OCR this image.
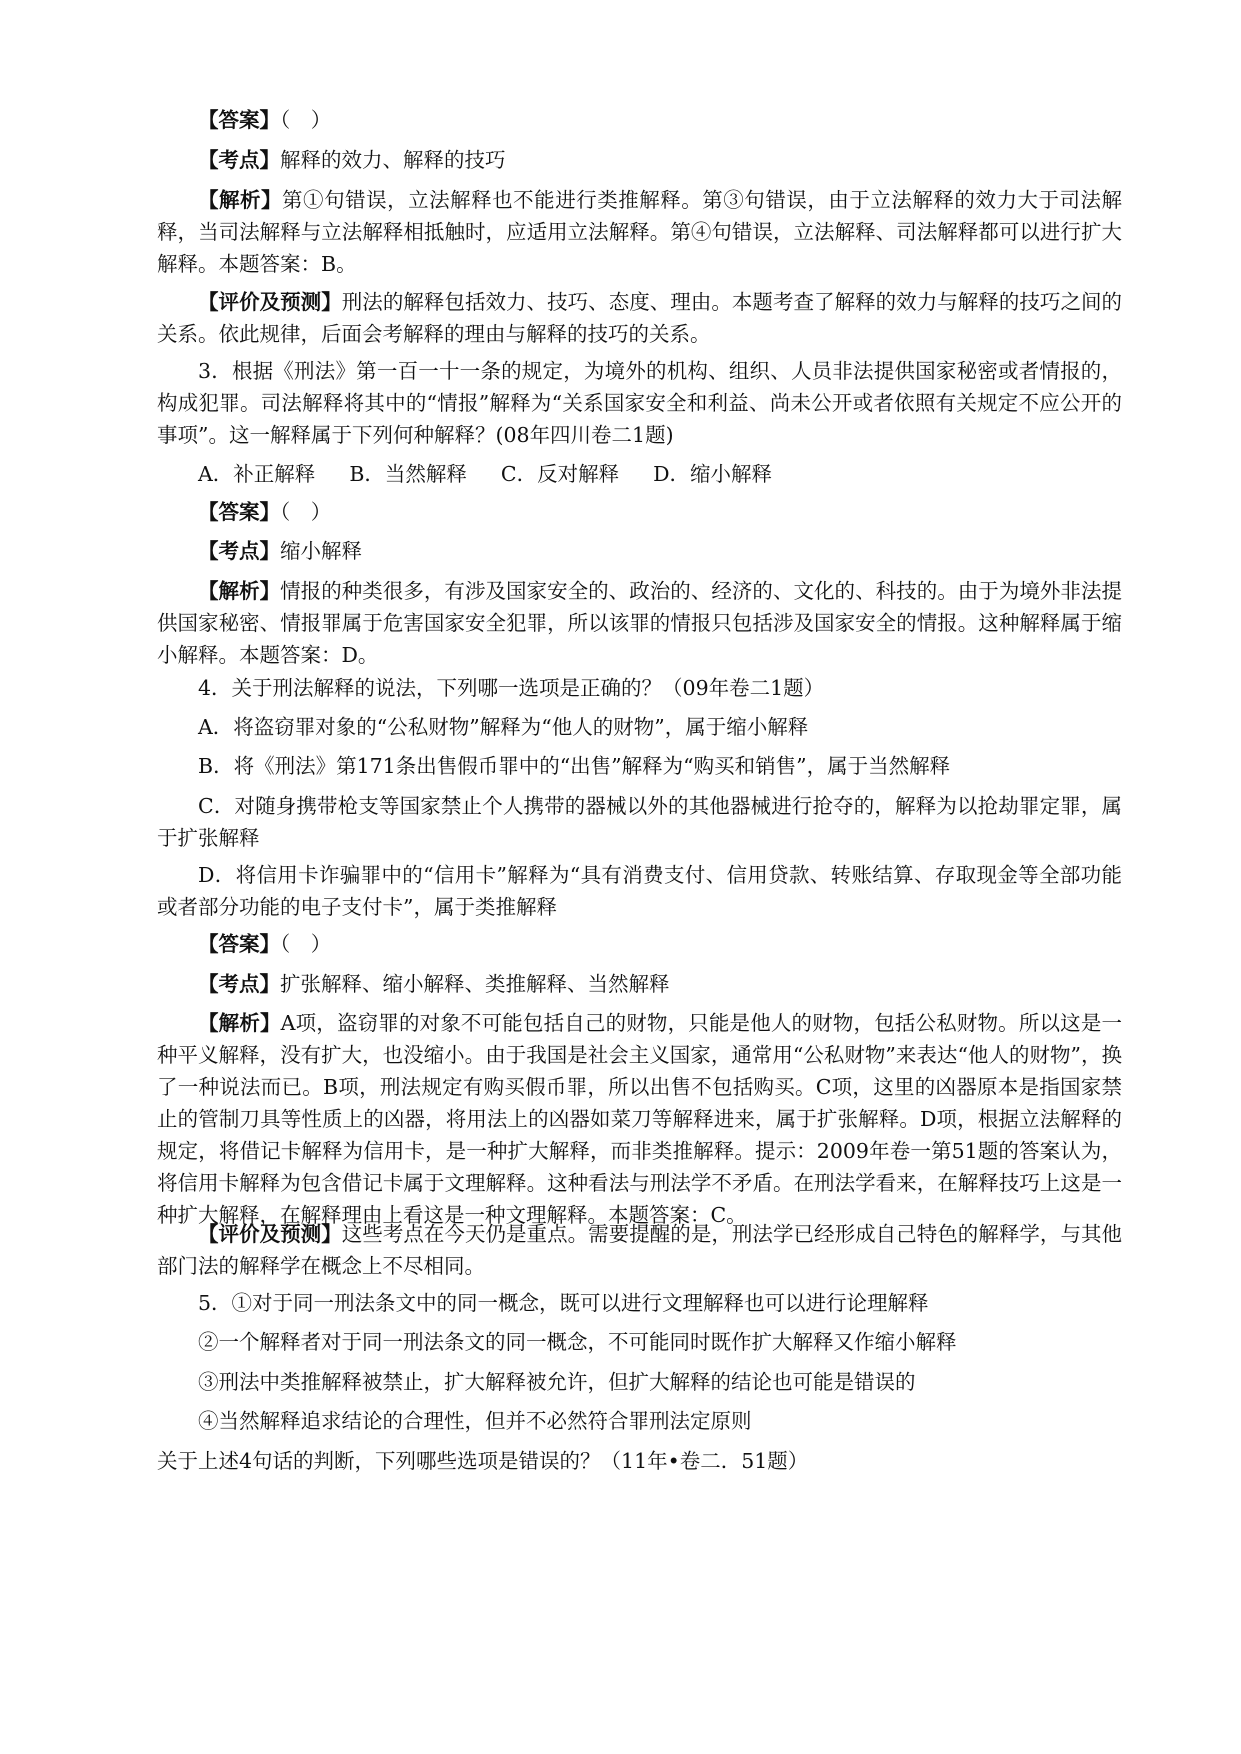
【答案】（　）

【考点】解释的效力、解释的技巧

【解析】第①句错误，立法解释也不能进行类推解释。第③句错误，由于立法解释的效力大于司法解释，当司法解释与立法解释相抵触时，应适用立法解释。第④句错误，立法解释、司法解释都可以进行扩大解释。本题答案：B。

【评价及预测】刑法的解释包括效力、技巧、态度、理由。本题考查了解释的效力与解释的技巧之间的关系。依此规律，后面会考解释的理由与解释的技巧的关系。

3．根据《刑法》第一百一十一条的规定，为境外的机构、组织、人员非法提供国家秘密或者情报的，构成犯罪。司法解释将其中的“情报”解释为“关系国家安全和利益、尚未公开或者依照有关规定不应公开的事项”。这一解释属于下列何种解释？(08年四川卷二1题)

A．补正解释 B．当然解释 C．反对解释 D．缩小解释

【答案】（　）

【考点】缩小解释

【解析】情报的种类很多，有涉及国家安全的、政治的、经济的、文化的、科技的。由于为境外非法提供国家秘密、情报罪属于危害国家安全犯罪，所以该罪的情报只包括涉及国家安全的情报。这种解释属于缩小解释。本题答案：D。

4．关于刑法解释的说法，下列哪一选项是正确的？（09年卷二1题）

A．将盗窃罪对象的“公私财物”解释为“他人的财物”，属于缩小解释

B．将《刑法》第171条出售假币罪中的“出售”解释为“购买和销售”，属于当然解释

C．对随身携带枪支等国家禁止个人携带的器械以外的其他器械进行抢夺的，解释为以抢劫罪定罪，属于扩张解释

D．将信用卡诈骗罪中的“信用卡”解释为“具有消费支付、信用贷款、转账结算、存取现金等全部功能或者部分功能的电子支付卡”，属于类推解释

【答案】（　）

【考点】扩张解释、缩小解释、类推解释、当然解释

【解析】A项，盗窃罪的对象不可能包括自己的财物，只能是他人的财物，包括公私财物。所以这是一种平义解释，没有扩大，也没缩小。由于我国是社会主义国家，通常用“公私财物”来表达“他人的财物”，换了一种说法而已。B项，刑法规定有购买假币罪，所以出售不包括购买。C项，这里的凶器原本是指国家禁止的管制刀具等性质上的凶器，将用法上的凶器如菜刀等解释进来，属于扩张解释。D项，根据立法解释的规定，将借记卡解释为信用卡，是一种扩大解释，而非类推解释。提示：2009年卷一第51题的答案认为，将信用卡解释为包含借记卡属于文理解释。这种看法与刑法学不矛盾。在刑法学看来，在解释技巧上这是一种扩大解释，在解释理由上看这是一种文理解释。本题答案：C。

【评价及预测】这些考点在今天仍是重点。需要提醒的是，刑法学已经形成自己特色的解释学，与其他部门法的解释学在概念上不尽相同。

5．①对于同一刑法条文中的同一概念，既可以进行文理解释也可以进行论理解释

②一个解释者对于同一刑法条文的同一概念，不可能同时既作扩大解释又作缩小解释

③刑法中类推解释被禁止，扩大解释被允许，但扩大解释的结论也可能是错误的

④当然解释追求结论的合理性，但并不必然符合罪刑法定原则

关于上述4句话的判断，下列哪些选项是错误的？（11年•卷二．51题）
